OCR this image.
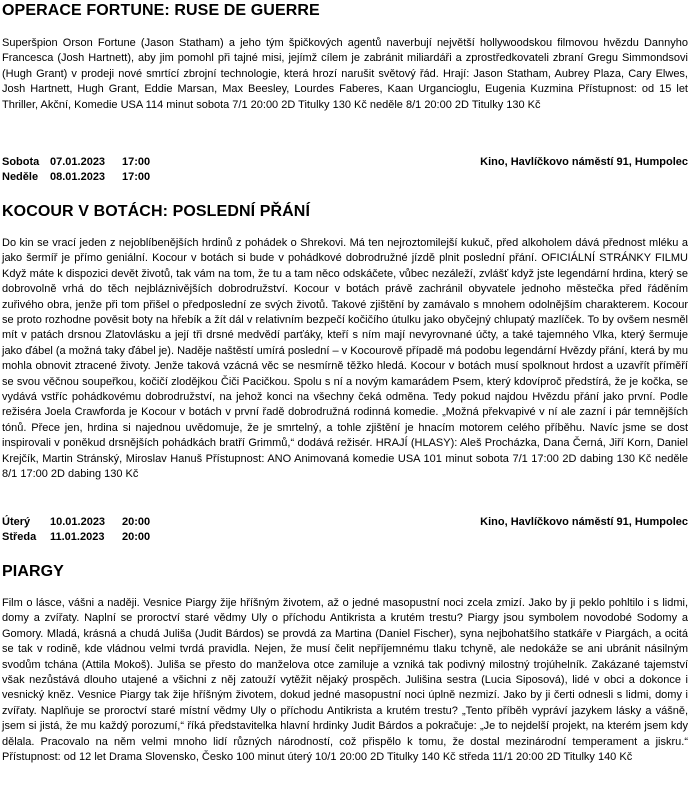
OPERACE FORTUNE: RUSE DE GUERRE

Superšpion Orson Fortune (Jason Statham) a jeho tým špičkových agentů naverbují největší hollywoodskou filmovou hvězdu Dannyho Francesca (Josh Hartnett), aby jim pomohl při tajné misi, jejímž cílem je zabránit miliardáři a zprostředkovateli zbraní Gregu Simmondsovi (Hugh Grant) v prodeji nové smrtící zbrojní technologie, která hrozí narušit světový řád. Hrají: Jason Statham, Aubrey Plaza, Cary Elwes, Josh Hartnett, Hugh Grant, Eddie Marsan, Max Beesley, Lourdes Faberes, Kaan Urgancioglu, Eugenia Kuzmina Přístupnost: od 15 let Thriller, Akční, Komedie USA 114 minut sobota 7/1 20:00 2D Titulky 130 Kč neděle 8/1 20:00 2D Titulky 130 Kč

Sobota 07.01.2023	17:00	Kino, Havlíčkovo náměstí 91, Humpolec
Neděle	08.01.2023	17:00
KOCOUR V BOTÁCH: POSLEDNÍ PŘÁNÍ

Do kin se vrací jeden z nejoblíbenějších hrdinů z pohádek o Shrekovi. Má ten nejroztomilejší kukuč, před alkoholem dává přednost mléku a jako šermíř je přímo geniální. Kocour v botách si bude v pohádkové dobrodružné jízdě plnit poslední přání. OFICIÁLNÍ STRÁNKY FILMU Když máte k dispozici devět životů, tak vám na tom, že tu a tam něco odskáčete, vůbec nezáleží, zvlášť když jste legendární hrdina, který se dobrovolně vrhá do těch nejbláznivějších dobrodružství. Kocour v botách právě zachránil obyvatele jednoho městečka před řáděním zuřivého obra, jenže při tom přišel o předposlední ze svých životů. Takové zjištění by zamávalo s mnohem odolnějším charakterem. Kocour se proto rozhodne pověsit boty na hřebík a žít dál v relativním bezpečí kočičího útulku jako obyčejný chlupatý mazlíček. To by ovšem nesměl mít v patách drsnou Zlatovlásku a její tři drsné medvědí parťáky, kteří s ním mají nevyrovnané účty, a také tajemného Vlka, který šermuje jako ďábel (a možná taky ďábel je). Naděje naštěstí umírá poslední – v Kocourově případě má podobu legendární Hvězdy přání, která by mu mohla obnovit ztracené životy. Jenže taková vzácná věc se nesmírně těžko hledá. Kocour v botách musí spolknout hrdost a uzavřít příměří se svou věčnou soupeřkou, kočičí zlodějkou Čiči Pacičkou. Spolu s ní a novým kamarádem Psem, který kdovíproč předstírá, že je kočka, se vydává vstříc pohádkovému dobrodružství, na jehož konci na všechny čeká odměna. Tedy pokud najdou Hvězdu přání jako první. Podle režiséra Joela Crawforda je Kocour v botách v první řadě dobrodružná rodinná komedie. „Možná překvapivé v ní ale zazní i pár temnějších tónů. Přece jen, hrdina si najednou uvědomuje, že je smrtelný, a tohle zjištění je hnacím motorem celého příběhu. Navíc jsme se dost inspirovali v poněkud drsnějších pohádkách bratří Grimmů,“ dodává režisér. HRAJÍ (HLASY): Aleš Procházka, Dana Černá, Jiří Korn, Daniel Krejčík, Martin Stránský, Miroslav Hanuš Přístupnost: ANO Animovaná komedie USA 101 minut sobota 7/1 17:00 2D dabing 130 Kč neděle 8/1 17:00 2D dabing 130 Kč

Úterý	10.01.2023	20:00	Kino, Havlíčkovo náměstí 91, Humpolec
Středa	11.01.2023	20:00
PIARGY

Film o lásce, vášni a naději. Vesnice Piargy žije hříšným životem, až o jedné masopustní noci zcela zmizí. Jako by ji peklo pohltilo i s lidmi, domy a zvířaty. Naplní se proroctví staré vědmy Uly o příchodu Antikrista a krutém trestu? Piargy jsou symbolem novodobé Sodomy a Gomory. Mladá, krásná a chudá Juliša (Judit Bárdos) se provdá za Martina (Daniel Fischer), syna nejbohatšího statkáře v Piargách, a ocitá se tak v rodině, kde vládnou velmi tvrdá pravidla. Nejen, že musí čelit nepříjemnému tlaku tchyně, ale nedokáže se ani ubránit násilným svodům tchána (Attila Mokoš). Juliša se přesto do manželova otce zamiluje a vzniká tak podivný milostný trojúhelník. Zakázané tajemství však nezůstává dlouho utajené a všichni z něj zatouží vytěžit nějaký prospěch. Julišina sestra (Lucia Siposová), lidé v obci a dokonce i vesnický kněz. Vesnice Piargy tak žije hříšným životem, dokud jedné masopustní noci úplně nezmizí. Jako by ji čerti odnesli s lidmi, domy i zvířaty. Naplňuje se proroctví staré místní vědmy Uly o příchodu Antikrista a krutém trestu? „Tento příběh vypráví jazykem lásky a vášně, jsem si jistá, že mu každý porozumí,“ říká představitelka hlavní hrdinky Judit Bárdos a pokračuje: „Je to nejdelší projekt, na kterém jsem kdy dělala. Pracovalo na něm velmi mnoho lidí různých národností, což přispělo k tomu, že dostal mezinárodní temperament a jiskru.“ Přístupnost: od 12 let Drama Slovensko, Česko 100 minut úterý 10/1 20:00 2D Titulky 140 Kč středa 11/1 20:00 2D Titulky 140 Kč
